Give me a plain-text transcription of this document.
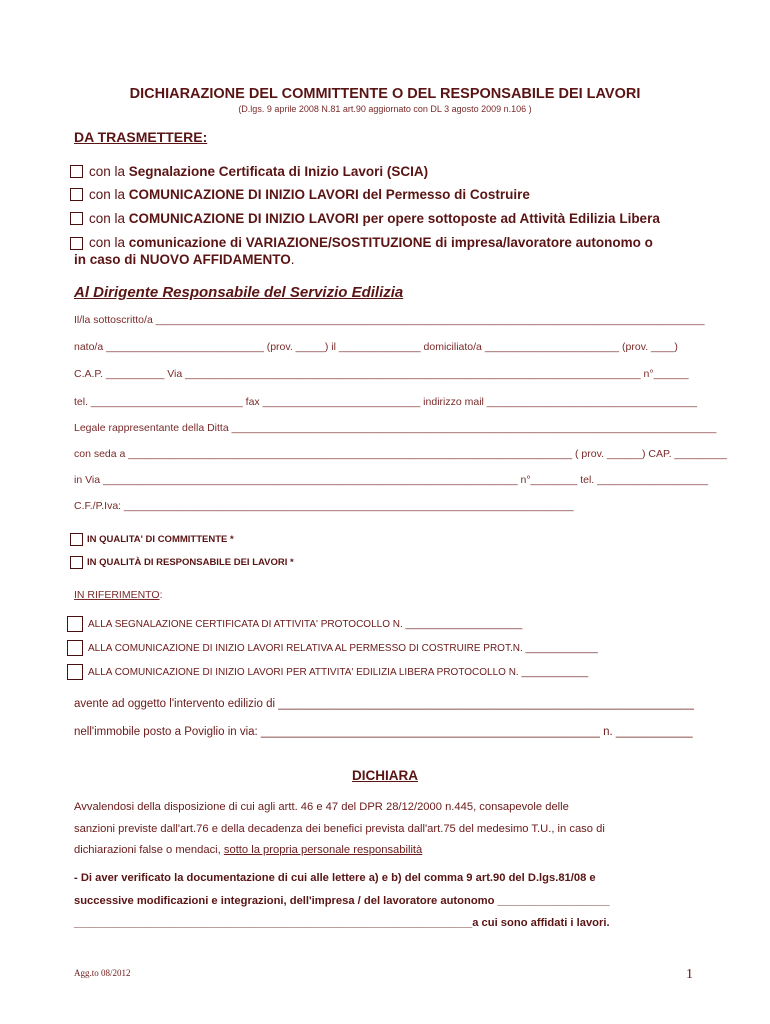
DICHIARAZIONE DEL COMMITTENTE O DEL RESPONSABILE DEI LAVORI
(D.lgs. 9 aprile 2008 N.81 art.90 aggiornato con DL 3 agosto 2009 n.106 )
DA TRASMETTERE:
con la Segnalazione Certificata di Inizio Lavori (SCIA)
con la COMUNICAZIONE DI INIZIO LAVORI del Permesso di Costruire
con la COMUNICAZIONE DI INIZIO LAVORI per opere sottoposte ad Attività Edilizia Libera
con la comunicazione di VARIAZIONE/SOSTITUZIONE di impresa/lavoratore autonomo o
in caso di NUOVO AFFIDAMENTO.
Al Dirigente Responsabile del Servizio Edilizia
Il/la sottoscritto/a ______________________________________________________________________________________________
nato/a ___________________________ (prov. _____) il ______________ domiciliato/a _______________________ (prov. ____)
C.A.P. __________ Via ______________________________________________________________________________ n°______
tel. __________________________ fax ___________________________ indirizzo mail ____________________________________
Legale rappresentante della Ditta ___________________________________________________________________________________
con seda a ____________________________________________________________________________ ( prov. ______) CAP. _________
in Via _______________________________________________________________________ n°________ tel. ___________________
C.F./P.Iva: _____________________________________________________________________________
IN QUALITA' DI COMMITTENTE *
IN QUALITÀ DI RESPONSABILE DEI LAVORI *
IN RIFERIMENTO:
ALLA SEGNALAZIONE CERTIFICATA DI ATTIVITA' PROTOCOLLO N. _____________________
ALLA COMUNICAZIONE DI INIZIO LAVORI RELATIVA AL PERMESSO DI COSTRUIRE PROT.N. _____________
ALLA COMUNICAZIONE DI INIZIO LAVORI PER ATTIVITA' EDILIZIA LIBERA PROTOCOLLO N. ____________
avente ad oggetto l'intervento edilizio di _________________________________________________________________
nell'immobile posto a Poviglio in via: _____________________________________________________ n. ____________
DICHIARA
Avvalendosi della disposizione di cui agli artt. 46 e 47 del DPR 28/12/2000 n.445, consapevole delle
sanzioni previste dall'art.76 e della decadenza dei benefici prevista dall'art.75 del medesimo T.U., in caso di
dichiarazioni false o mendaci, sotto la propria personale responsabilità
- Di aver verificato la documentazione di cui alle lettere a) e b) del comma 9 art.90 del D.lgs.81/08 e
successive modificazioni e integrazioni, dell'impresa / del lavoratore autonomo __________________
________________________________________________________________a cui sono affidati i lavori.
Agg.to 08/2012	1
